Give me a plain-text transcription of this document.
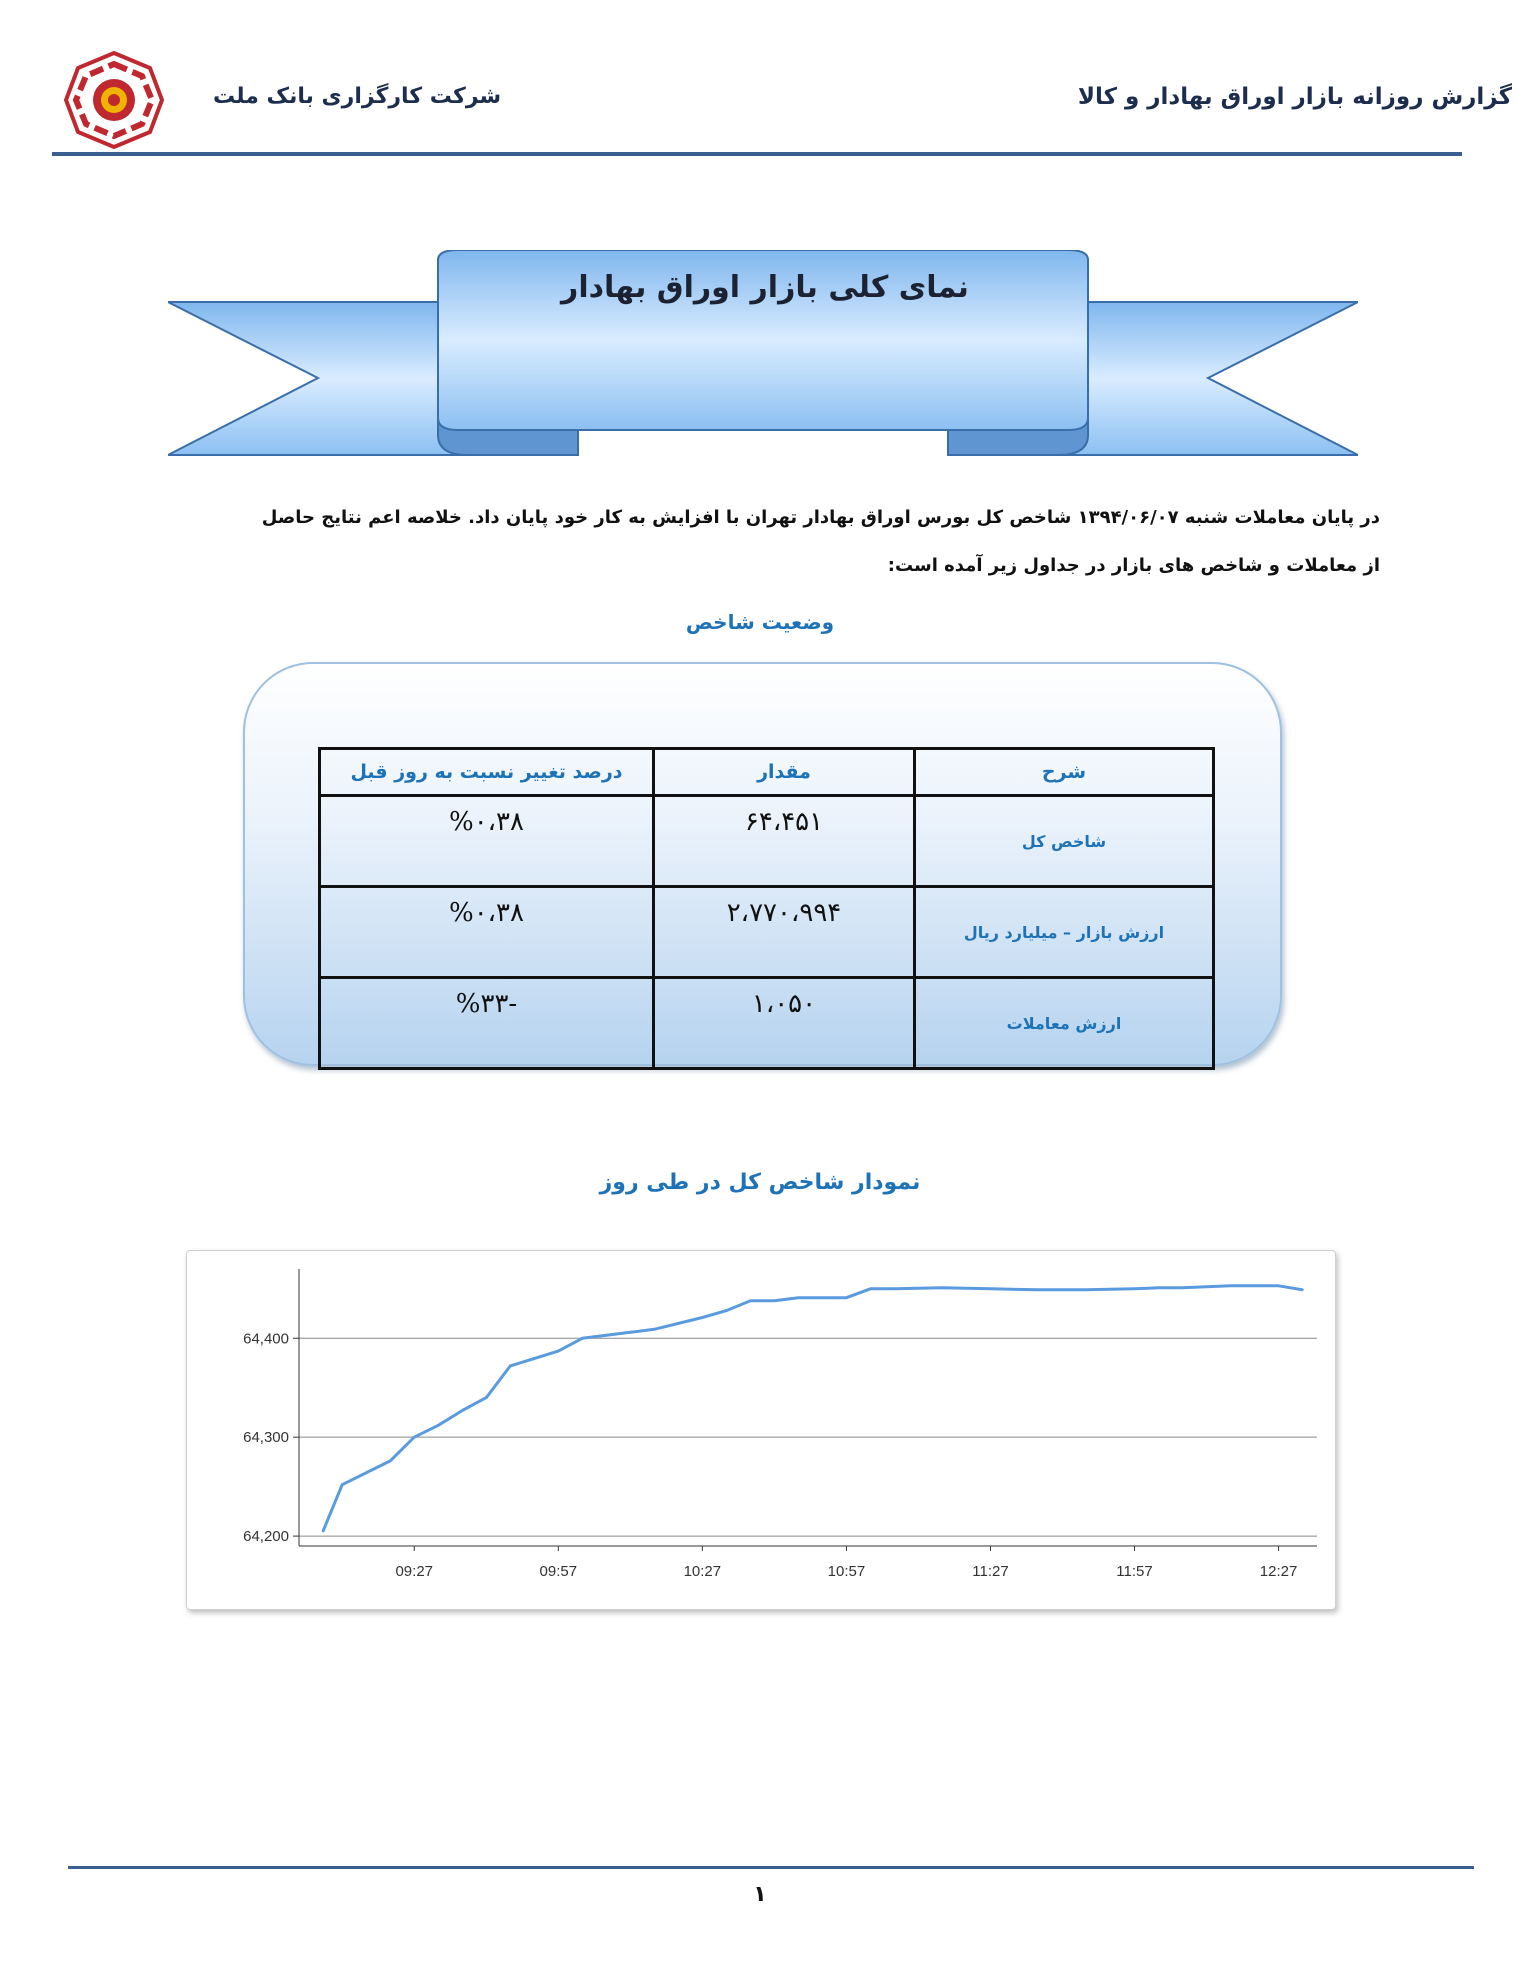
گزارش روزانه بازار اوراق بهادار و کالا
شرکت کارگزاری بانک ملت
نمای کلی بازار اوراق بهادار
در پایان معاملات شنبه ۱۳۹۴/۰۶/۰۷ شاخص کل بورس اوراق بهادار تهران با افزایش به کار خود پایان داد. خلاصه اعم نتایج حاصل
از معاملات و شاخص های بازار در جداول زیر آمده است:
وضعیت شاخص
شرح	مقدار	درصد تغییر نسبت به روز قبل
شاخص کل	۶۴،۴۵۱	%۰،۳۸
ارزش بازار – میلیارد ریال	۲،۷۷۰،۹۹۴	%۰،۳۸
ارزش معاملات	۱،۰۵۰	-%۳۳
نمودار شاخص کل در طی روز
64,200
64,300
64,400
09:27	09:57	10:27	10:57	11:27	11:57	12:27
۱
